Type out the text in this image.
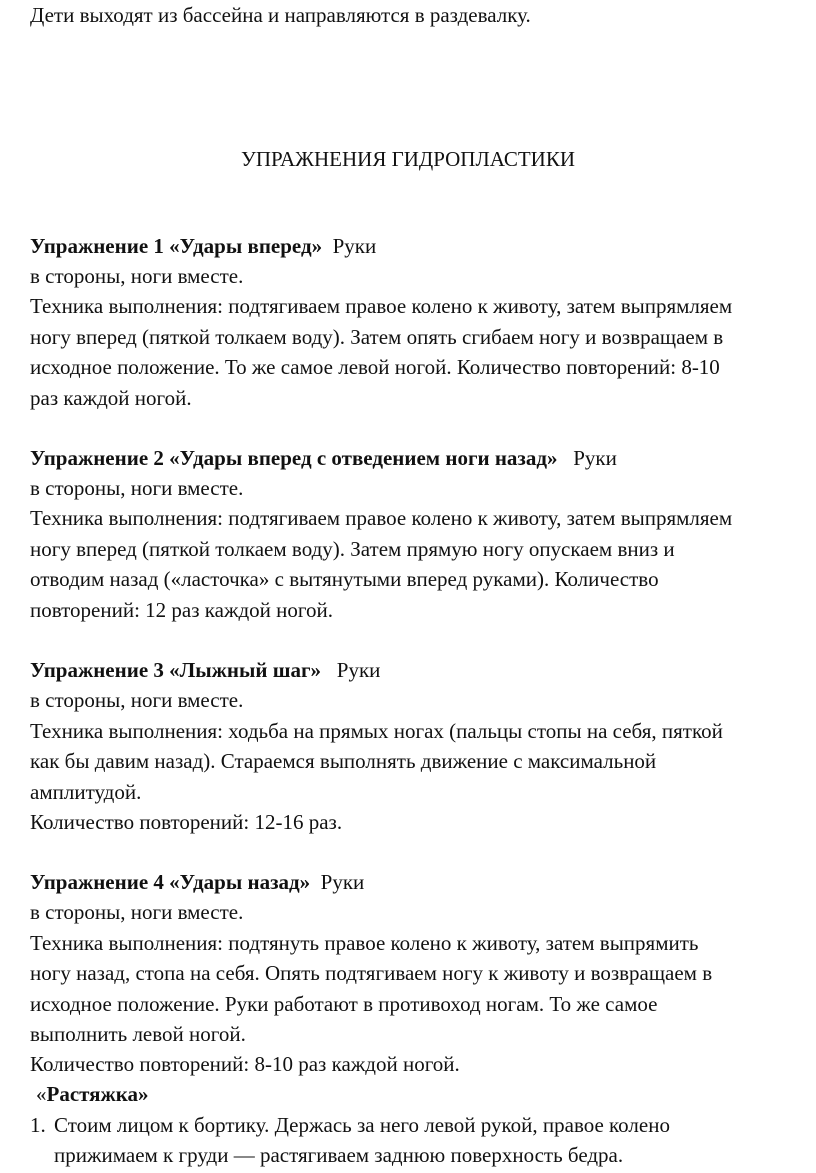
Дети выходят из бассейна и направляются в раздевалку.
УПРАЖНЕНИЯ ГИДРОПЛАСТИКИ
Упражнение 1 «Удары вперед» Руки
в стороны, ноги вместе.
Техника выполнения: подтягиваем правое колено к животу, затем выпрямляем
ногу вперед (пяткой толкаем воду). Затем опять сгибаем ногу и возвращаем в
исходное положение. То же самое левой ногой. Количество повторений: 8-10
раз каждой ногой.
Упражнение 2 «Удары вперед с отведением ноги назад» Руки
в стороны, ноги вместе.
Техника выполнения: подтягиваем правое колено к животу, затем выпрямляем
ногу вперед (пяткой толкаем воду). Затем прямую ногу опускаем вниз и
отводим назад («ласточка» с вытянутыми вперед руками). Количество
повторений: 12 раз каждой ногой.
Упражнение 3 «Лыжный шаг» Руки
в стороны, ноги вместе.
Техника выполнения: ходьба на прямых ногах (пальцы стопы на себя, пяткой
как бы давим назад). Стараемся выполнять движение с максимальной
амплитудой.
Количество повторений: 12-16 раз.
Упражнение 4 «Удары назад» Руки
в стороны, ноги вместе.
Техника выполнения: подтянуть правое колено к животу, затем выпрямить
ногу назад, стопа на себя. Опять подтягиваем ногу к животу и возвращаем в
исходное положение. Руки работают в противоход ногам. То же самое
выполнить левой ногой.
Количество повторений: 8-10 раз каждой ногой.
«Растяжка»
1. Стоим лицом к бортику. Держась за него левой рукой, правое колено
прижимаем к груди — растягиваем заднюю поверхность бедра.
